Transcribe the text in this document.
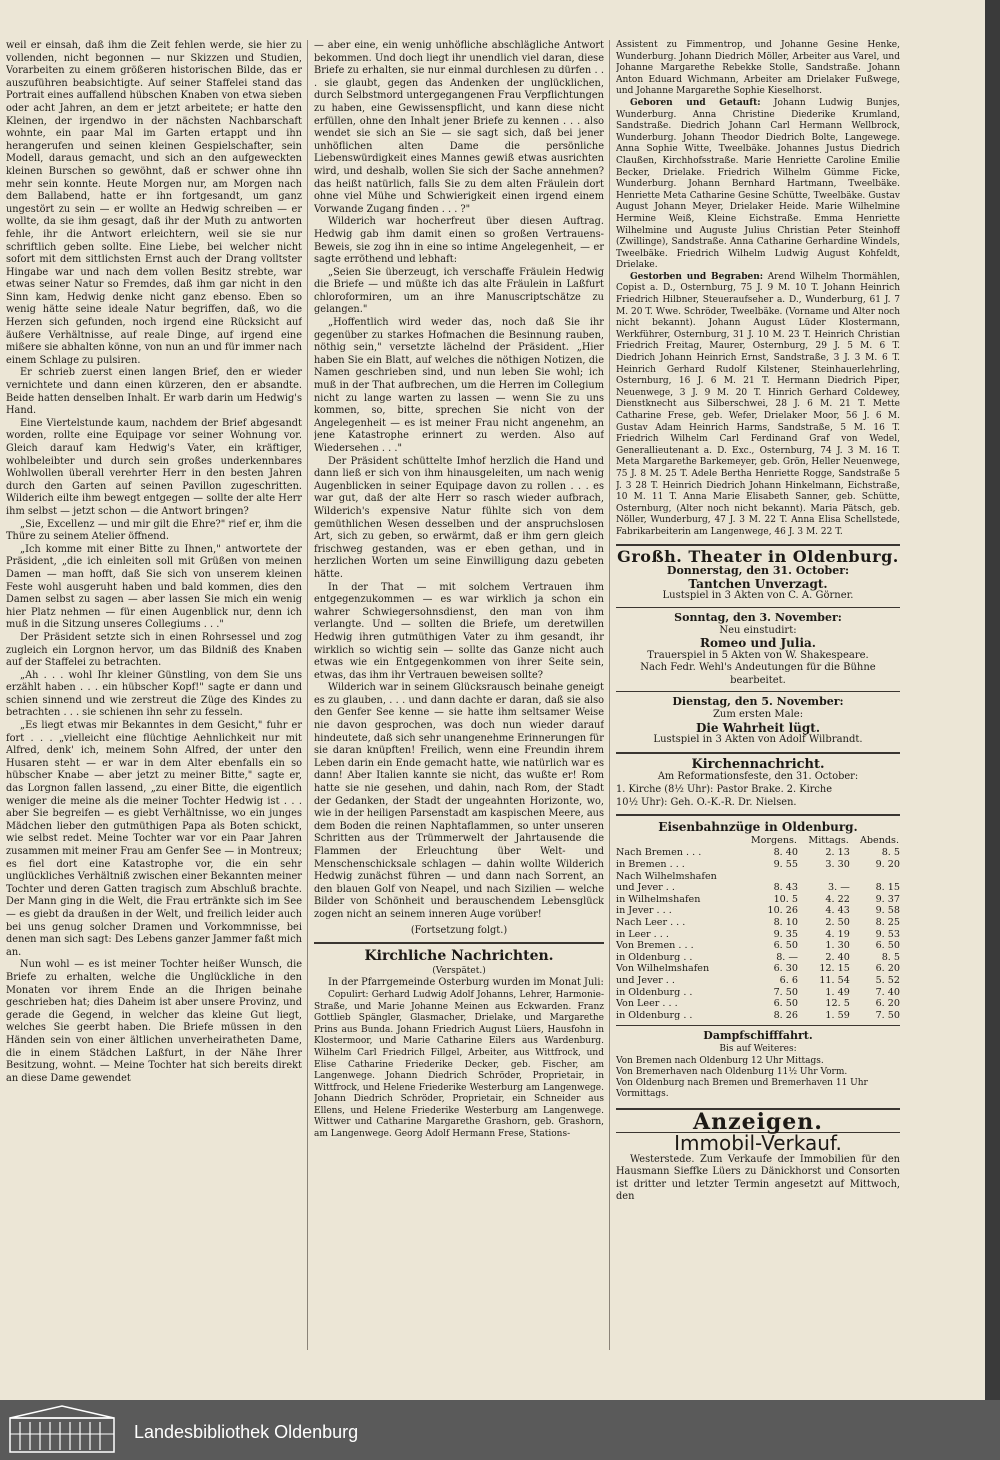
weil er einsah, daß ihm die Zeit fehlen werde, sie hier zu vollenden, nicht begonnen — nur Skizzen und Studien, Vorarbeiten zu einem größeren historischen Bilde, das er auszuführen beabsichtigte. Auf seiner Staffelei stand das Portrait eines auffallend hübschen Knaben von etwa sieben oder acht Jahren, an dem er jetzt arbeitete; er hatte den Kleinen, der irgendwo in der nächsten Nachbarschaft wohnte, ein paar Mal im Garten ertappt und ihn herangerufen und seinen kleinen Gespielschafter, sein Modell, daraus gemacht, und sich an den aufgeweckten kleinen Burschen so gewöhnt, daß er schwer ohne ihn mehr sein konnte. Heute Morgen nur, am Morgen nach dem Ballabend, hatte er ihn fortgesandt, um ganz ungestört zu sein — er wollte an Hedwig schreiben — er wollte, da sie ihm gesagt, daß ihr der Muth zu antworten fehle, ihr die Antwort erleichtern, weil sie sie nur schriftlich geben sollte. Eine Liebe, bei welcher nicht sofort mit dem sittlichsten Ernst auch der Drang volltster Hingabe war und nach dem vollen Besitz strebte, war etwas seiner Natur so Fremdes, daß ihm gar nicht in den Sinn kam, Hedwig denke nicht ganz ebenso. Eben so wenig hätte seine ideale Natur begriffen, daß, wo die Herzen sich gefunden, noch irgend eine Rücksicht auf äußere Verhältnisse, auf reale Dinge, auf irgend eine mißere sie abhalten könne, von nun an und für immer nach einem Schlage zu pulsiren.

Er schrieb zuerst einen langen Brief, den er wieder vernichtete und dann einen kürzeren, den er absandte. Beide hatten denselben Inhalt. Er warb darin um Hedwig's Hand.

Eine Viertelstunde kaum, nachdem der Brief abgesandt worden, rollte eine Equipage vor seiner Wohnung vor. Gleich darauf kam Hedwig's Vater, ein kräftiger, wohlbeleibter und durch sein großes underkennbares Wohlwollen überall verehrter Herr in den besten Jahren durch den Garten auf seinen Pavillon zugeschritten. Wilderich eilte ihm bewegt entgegen — sollte der alte Herr ihm selbst — jetzt schon — die Antwort bringen?

„Sie, Excellenz — und mir gilt die Ehre?" rief er, ihm die Thüre zu seinem Atelier öffnend.

„Ich komme mit einer Bitte zu Ihnen," antwortete der Präsident, „die ich einleiten soll mit Grüßen von meinen Damen — man hofft, daß Sie sich von unserem kleinen Feste wohl ausgeruht haben und bald kommen, dies den Damen selbst zu sagen — aber lassen Sie mich ein wenig hier Platz nehmen — für einen Augenblick nur, denn ich muß in die Sitzung unseres Collegiums . . ."

Der Präsident setzte sich in einen Rohrsessel und zog zugleich ein Lorgnon hervor, um das Bildniß des Knaben auf der Staffelei zu betrachten.

„Ah . . . wohl Ihr kleiner Günstling, von dem Sie uns erzählt haben . . . ein hübscher Kopf!" sagte er dann und schien sinnend und wie zerstreut die Züge des Kindes zu betrachten . . . sie schienen ihn sehr zu fesseln.

„Es liegt etwas mir Bekanntes in dem Gesicht," fuhr er fort . . . „vielleicht eine flüchtige Aehnlichkeit nur mit Alfred, denk' ich, meinem Sohn Alfred, der unter den Husaren steht — er war in dem Alter ebenfalls ein so hübscher Knabe — aber jetzt zu meiner Bitte," sagte er, das Lorgnon fallen lassend, „zu einer Bitte, die eigentlich weniger die meine als die meiner Tochter Hedwig ist . . . aber Sie begreifen — es giebt Verhältnisse, wo ein junges Mädchen lieber den gutmüthigen Papa als Boten schickt, wie selbst redet. Meine Tochter war vor ein Paar Jahren zusammen mit meiner Frau am Genfer See — in Montreux; es fiel dort eine Katastrophe vor, die ein sehr unglückliches Verhältniß zwischen einer Bekannten meiner Tochter und deren Gatten tragisch zum Abschluß brachte. Der Mann ging in die Welt, die Frau ertränkte sich im See — es giebt da draußen in der Welt, und freilich leider auch bei uns genug solcher Dramen und Vorkommnisse, bei denen man sich sagt: Des Lebens ganzer Jammer faßt mich an.

Nun wohl — es ist meiner Tochter heißer Wunsch, die Briefe zu erhalten, welche die Unglückliche in den Monaten vor ihrem Ende an die Ihrigen beinahe geschrieben hat; dies Daheim ist aber unsere Provinz, und gerade die Gegend, in welcher das kleine Gut liegt, welches Sie geerbt haben. Die Briefe müssen in den Händen sein von einer ältlichen unverheiratheten Dame, die in einem Städchen Laßfurt, in der Nähe Ihrer Besitzung, wohnt. — Meine Tochter hat sich bereits direkt an diese Dame gewendet

— aber eine, ein wenig unhöfliche abschlägliche Antwort bekommen. Und doch liegt ihr unendlich viel daran, diese Briefe zu erhalten, sie nur einmal durchlesen zu dürfen . . . sie glaubt, gegen das Andenken der unglücklichen, durch Selbstmord untergegangenen Frau Verpflichtungen zu haben, eine Gewissenspflicht, und kann diese nicht erfüllen, ohne den Inhalt jener Briefe zu kennen . . . also wendet sie sich an Sie — sie sagt sich, daß bei jener unhöflichen alten Dame die persönliche Liebenswürdigkeit eines Mannes gewiß etwas ausrichten wird, und deshalb, wollen Sie sich der Sache annehmen? das heißt natürlich, falls Sie zu dem alten Fräulein dort ohne viel Mühe und Schwierigkeit einen irgend einem Vorwande Zugang finden . . . ?"

Wilderich war hocherfreut über diesen Auftrag. Hedwig gab ihm damit einen so großen Vertrauens-Beweis, sie zog ihn in eine so intime Angelegenheit, — er sagte erröthend und lebhaft:

„Seien Sie überzeugt, ich verschaffe Fräulein Hedwig die Briefe — und müßte ich das alte Fräulein in Laßfurt chloroformiren, um an ihre Manuscriptschätze zu gelangen."

„Hoffentlich wird weder das, noch daß Sie ihr gegenüber zu starkes Hofmachen die Besinnung rauben, nöthig sein," versetzte lächelnd der Präsident. „Hier haben Sie ein Blatt, auf welches die nöthigen Notizen, die Namen geschrieben sind, und nun leben Sie wohl; ich muß in der That aufbrechen, um die Herren im Collegium nicht zu lange warten zu lassen — wenn Sie zu uns kommen, so, bitte, sprechen Sie nicht von der Angelegenheit — es ist meiner Frau nicht angenehm, an jene Katastrophe erinnert zu werden. Also auf Wiedersehen . . ."

Der Präsident schüttelte Imhof herzlich die Hand und dann ließ er sich von ihm hinausgeleiten, um nach wenig Augenblicken in seiner Equipage davon zu rollen . . . es war gut, daß der alte Herr so rasch wieder aufbrach, Wilderich's expensive Natur fühlte sich von dem gemüthlichen Wesen desselben und der anspruchslosen Art, sich zu geben, so erwärmt, daß er ihm gern gleich frischweg gestanden, was er eben gethan, und in herzlichen Worten um seine Einwilligung dazu gebeten hätte.

In der That — mit solchem Vertrauen ihm entgegenzukommen — es war wirklich ja schon ein wahrer Schwiegersohnsdienst, den man von ihm verlangte. Und — sollten die Briefe, um deretwillen Hedwig ihren gutmüthigen Vater zu ihm gesandt, ihr wirklich so wichtig sein — sollte das Ganze nicht auch etwas wie ein Entgegenkommen von ihrer Seite sein, etwas, das ihm ihr Vertrauen beweisen sollte?

Wilderich war in seinem Glücksrausch beinahe geneigt es zu glauben, . . . und dann dachte er daran, daß sie also den Genfer See kenne — sie hatte ihm seltsamer Weise nie davon gesprochen, was doch nun wieder darauf hindeutete, daß sich sehr unangenehme Erinnerungen für sie daran knüpften! Freilich, wenn eine Freundin ihrem Leben darin ein Ende gemacht hatte, wie natürlich war es dann! Aber Italien kannte sie nicht, das wußte er! Rom hatte sie nie gesehen, und dahin, nach Rom, der Stadt der Gedanken, der Stadt der ungeahnten Horizonte, wo, wie in der heiligen Parsenstadt am kaspischen Meere, aus dem Boden die reinen Naphtaflammen, so unter unseren Schritten aus der Trümmerwelt der Jahrtausende die Flammen der Erleuchtung über Welt- und Menschenschicksale schlagen — dahin wollte Wilderich Hedwig zunächst führen — und dann nach Sorrent, an den blauen Golf von Neapel, und nach Sizilien — welche Bilder von Schönheit und berauschendem Lebensglück zogen nicht an seinem inneren Auge vorüber!

(Fortsetzung folgt.)
Kirchliche Nachrichten.
(Verspätet.)

In der Pfarrgemeinde Osterburg wurden im Monat Juli:

Copulirt: Gerhard Ludwig Adolf Johanns, Lehrer, Harmonie-Straße, und Marie Johanne Meinen aus Eckwarden. Franz Gottlieb Spängler, Glasmacher, Drielake, und Margarethe Prins aus Bunda. Johann Friedrich August Lüers, Hausfohn in Klostermoor, und Marie Catharine Eilers aus Wardenburg. Wilhelm Carl Friedrich Fillgel, Arbeiter, aus Wittfrock, und Elise Catharine Friederike Decker, geb. Fischer, am Langenwege. Johann Diedrich Schröder, Proprietair, in Wittfrock, und Helene Friederike Westerburg am Langenwege. Johann Diedrich Schröder, Proprietair, ein Schneider aus Ellens, und Helene Friederike Westerburg am Langenwege. Wittwer und Catharine Margarethe Grashorn, geb. Grashorn, am Langenwege. Georg Adolf Hermann Frese, Stations-

Assistent zu Fimmentrop, und Johanne Gesine Henke, Wunderburg. Johann Diedrich Möller, Arbeiter aus Varel, und Johanne Margarethe Rebekke Stolle, Sandstraße. Johann Anton Eduard Wichmann, Arbeiter am Drielaker Fußwege, und Johanne Margarethe Sophie Kieselhorst.

Geboren und Getauft: Johann Ludwig Bunjes, Wunderburg. Anna Christine Diederike Krumland, Sandstraße. Diedrich Johann Carl Hermann Wellbrock, Wunderburg. Johann Theodor Diedrich Bolte, Langewege. Anna Sophie Witte, Tweelbäke. Johannes Justus Diedrich Claußen, Kirchhofsstraße. Marie Henriette Caroline Emilie Becker, Drielake. Friedrich Wilhelm Gümme Ficke, Wunderburg. Johann Bernhard Hartmann, Tweelbäke. Henriette Meta Catharine Gesine Schütte, Tweelbäke. Gustav August Johann Meyer, Drielaker Heide. Marie Wilhelmine Hermine Weiß, Kleine Eichstraße. Emma Henriette Wilhelmine und Auguste Julius Christian Peter Steinhoff (Zwillinge), Sandstraße. Anna Catharine Gerhardine Windels, Tweelbäke. Friedrich Wilhelm Ludwig August Kohfeldt, Drielake.

Gestorben und Begraben: Arend Wilhelm Thormählen, Copist a. D., Osternburg, 75 J. 9 M. 10 T. Johann Heinrich Friedrich Hilbner, Steueraufseher a. D., Wunderburg, 61 J. 7 M. 20 T. Wwe. Schröder, Tweelbäke. (Vorname und Alter noch nicht bekannt). Johann August Lüder Klostermann, Werkführer, Osternburg, 31 J. 10 M. 23 T. Heinrich Christian Friedrich Freitag, Maurer, Osternburg, 29 J. 5 M. 6 T. Diedrich Johann Heinrich Ernst, Sandstraße, 3 J. 3 M. 6 T. Heinrich Gerhard Rudolf Kilstener, Steinhauerlehrling, Osternburg, 16 J. 6 M. 21 T. Hermann Diedrich Piper, Neuenwege, 3 J. 9 M. 20 T. Hinrich Gerhard Coldewey, Dienstknecht aus Silberschwei, 28 J. 6 M. 21 T. Mette Catharine Frese, geb. Wefer, Drielaker Moor, 56 J. 6 M. Gustav Adam Heinrich Harms, Sandstraße, 5 M. 16 T. Friedrich Wilhelm Carl Ferdinand Graf von Wedel, Generallieutenant a. D. Exc., Osternburg, 74 J. 3 M. 16 T. Meta Margarethe Barkemeyer, geb. Grön, Heller Neuenwege, 75 J. 8 M. 25 T. Adele Bertha Henriette Rogge, Sandstraße 5 J. 3 28 T. Heinrich Diedrich Johann Hinkelmann, Eichstraße, 10 M. 11 T. Anna Marie Elisabeth Sanner, geb. Schütte, Osternburg, (Alter noch nicht bekannt). Maria Pätsch, geb. Nöller, Wunderburg, 47 J. 3 M. 22 T. Anna Elisa Schellstede, Fabrikarbeiterin am Langenwege, 46 J. 3 M. 22 T.

Großh. Theater in Oldenburg.
Donnerstag, den 31. October:
Tantchen Unverzagt.
Lustspiel in 3 Akten von C. A. Görner.
Sonntag, den 3. November:
Neu einstudirt:
Romeo und Julia.
Trauerspiel in 5 Akten von W. Shakespeare.
Nach Fedr. Wehl's Andeutungen für die Bühne bearbeitet.
Dienstag, den 5. November:
Zum ersten Male:
Die Wahrheit lügt.
Lustspiel in 3 Akten von Adolf Wilbrandt.
Kirchennachricht.
Am Reformationsfeste, den 31. October:
1. Kirche (8½ Uhr): Pastor Brake. 2. Kirche
10½ Uhr): Geh. O.-K.-R. Dr. Nielsen.
Eisenbahnzüge in Oldenburg.
	Morgens.	Mittags.	Abends.
Nach Bremen . . .	8. 40	2. 13	8. 5
in Bremen . . .	9. 55	3. 30	9. 20
Nach Wilhelmshafen			
und Jever . .	8. 43	3. —	8. 15
in Wilhelmshafen	10. 5	4. 22	9. 37
in Jever . . .	10. 26	4. 43	9. 58
Nach Leer . . .	8. 10	2. 50	8. 25
in Leer . . .	9. 35	4. 19	9. 53
Von Bremen . . .	6. 50	1. 30	6. 50
in Oldenburg . .	8. —	2. 40	8. 5
Von Wilhelmshafen	6. 30	12. 15	6. 20
und Jever . .	6. 6	11. 54	5. 52
in Oldenburg . .	7. 50	1. 49	7. 40
Von Leer . . .	6. 50	12. 5	6. 20
in Oldenburg . .	8. 26	1. 59	7. 50
Dampfschifffahrt.
Bis auf Weiteres:
Von Bremen nach Oldenburg 12 Uhr Mittags.
Von Bremerhaven nach Oldenburg 11½ Uhr Vorm.
Von Oldenburg nach Bremen und Bremerhaven 11 Uhr Vormittags.
Anzeigen.
Immobil-Verkauf.

Westerstede. Zum Verkaufe der Immobilien für den Hausmann Sieffke Lüers zu Dänickhorst und Consorten ist dritter und letzter Termin angesetzt auf Mittwoch, den

Landesbibliothek Oldenburg
